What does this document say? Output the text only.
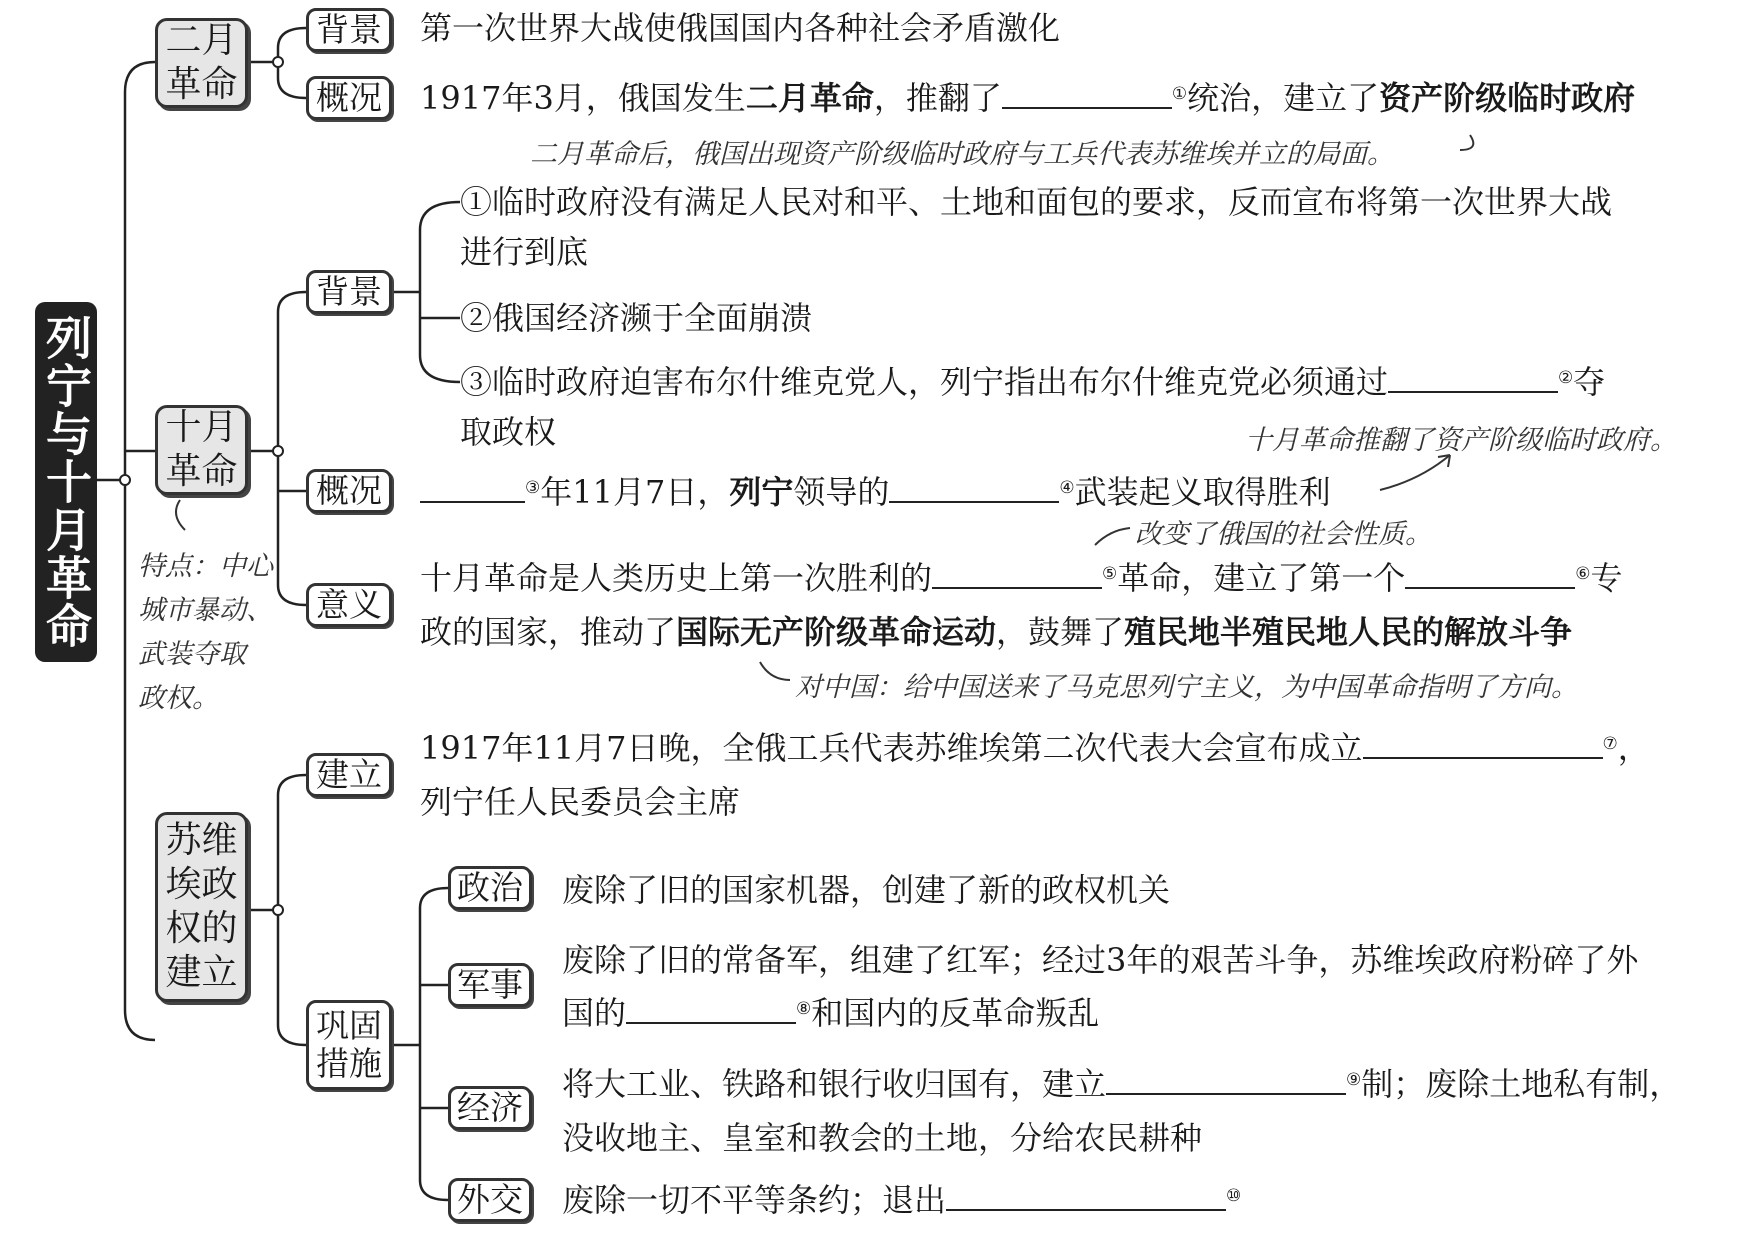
列宁与十月革命
二月革命
背景	第一次世界大战使俄国国内各种社会矛盾激化
概况	1917年3月，俄国发生二月革命，推翻了	①统治，建立了资产阶级临时政府
二月革命后，俄国出现资产阶级临时政府与工兵代表苏维埃并立的局面。
十月革命
背景
①临时政府没有满足人民对和平、土地和面包的要求，反而宣布将第一次世界大战
进行到底
②俄国经济濒于全面崩溃
③临时政府迫害布尔什维克党人，列宁指出布尔什维克党必须通过	②夺
取政权	十月革命推翻了资产阶级临时政府。
概况	③年11月7日，列宁领导的	④武装起义取得胜利
改变了俄国的社会性质。
特点：中心
城市暴动、
武装夺取
政权。
意义
十月革命是人类历史上第一次胜利的	⑤革命，建立了第一个	⑥专
政的国家，推动了国际无产阶级革命运动，鼓舞了殖民地半殖民地人民的解放斗争
对中国：给中国送来了马克思列宁主义，为中国革命指明了方向。
苏维
埃政
权的
建立
建立
1917年11月7日晚，全俄工兵代表苏维埃第二次代表大会宣布成立	⑦，
列宁任人民委员会主席
巩固
措施
政治 废除了旧的国家机器，创建了新的政权机关
军事
废除了旧的常备军，组建了红军；经过3年的艰苦斗争，苏维埃政府粉碎了外
国的	⑧和国内的反革命叛乱
经济
将大工业、铁路和银行收归国有，建立	⑨制；废除土地私有制，
没收地主、皇室和教会的土地，分给农民耕种
外交 废除一切不平等条约；退出	⑩
